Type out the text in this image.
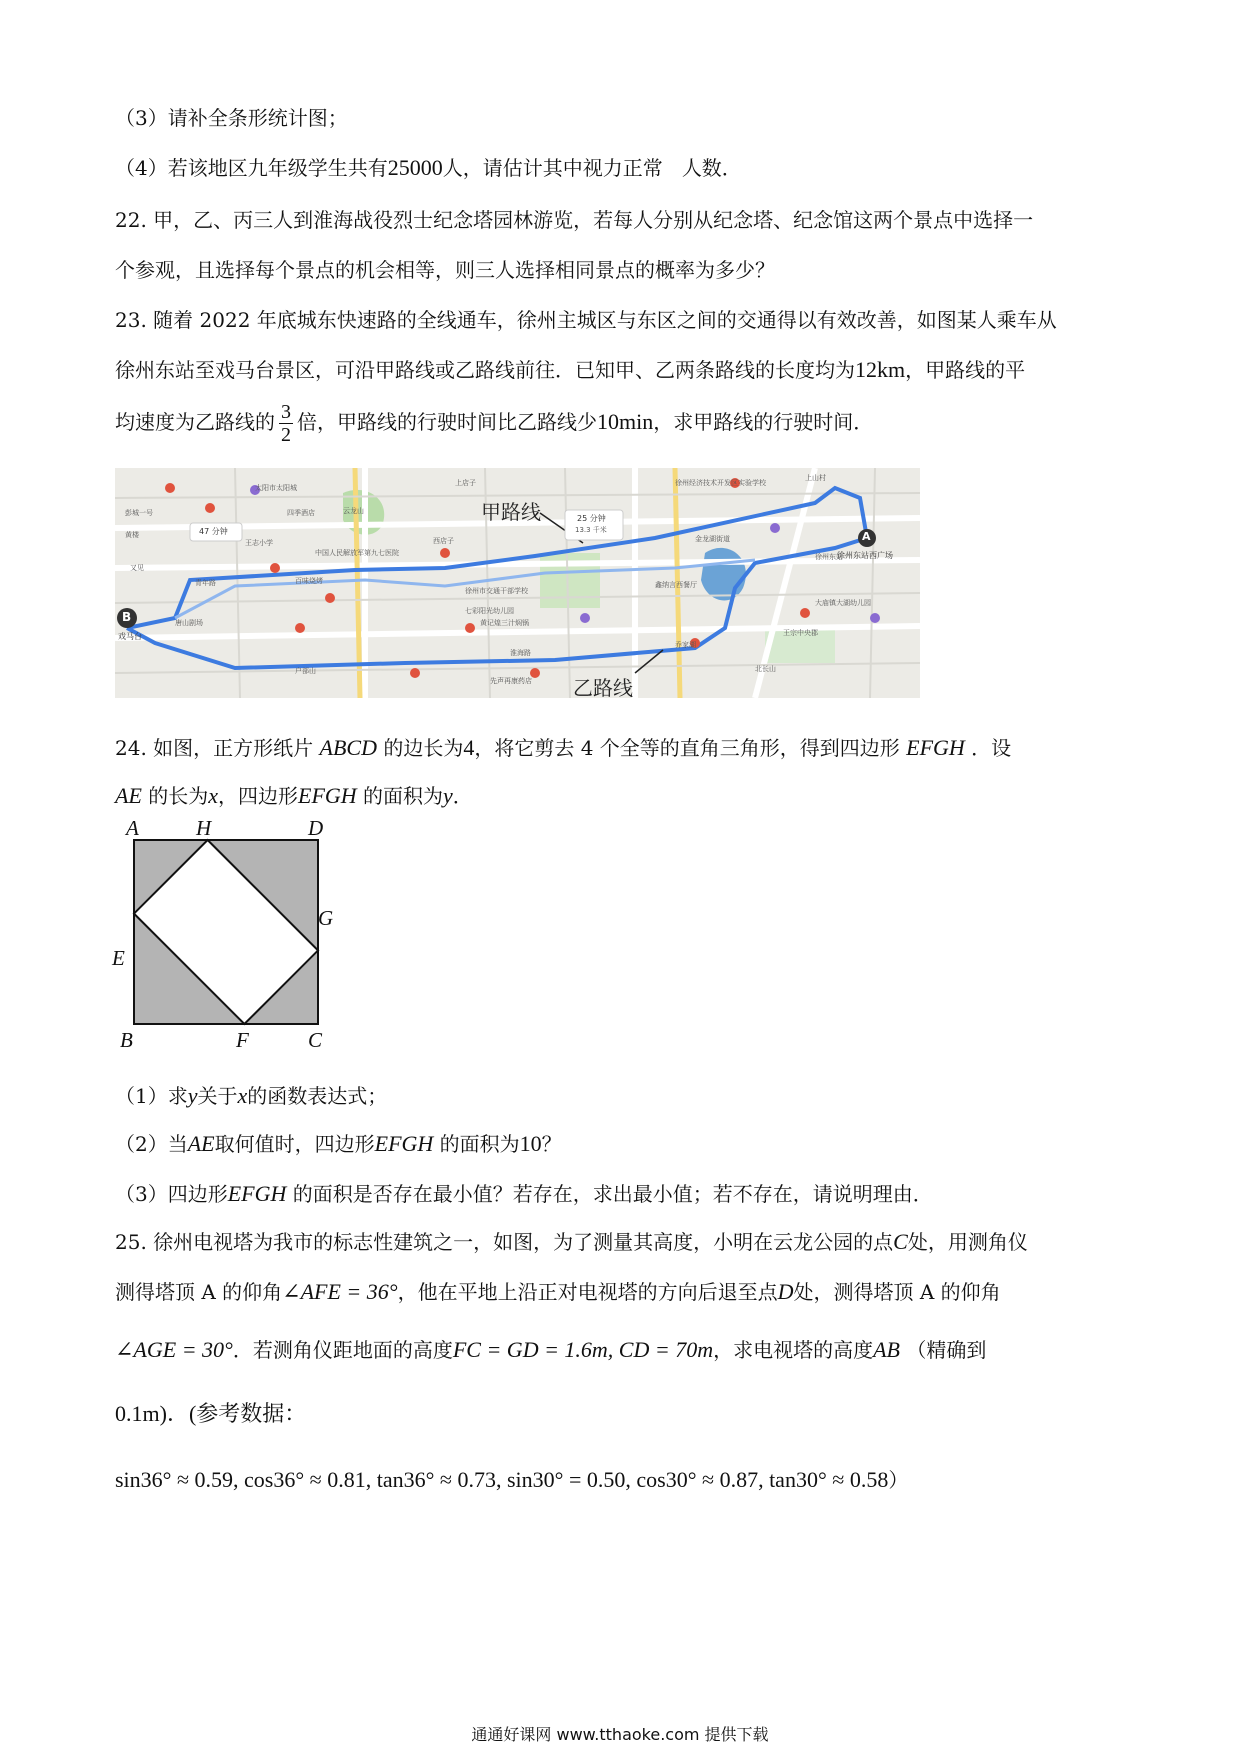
（3）请补全条形统计图；
（4）若该地区九年级学生共有25000人，请估计其中视力正常 人数．
22. 甲，乙、丙三人到淮海战役烈士纪念塔园林游览，若每人分别从纪念塔、纪念馆这两个景点中选择一
个参观，且选择每个景点的机会相等，则三人选择相同景点的概率为多少？
23. 随着 2022 年底城东快速路的全线通车，徐州主城区与东区之间的交通得以有效改善，如图某人乘车从
徐州东站至戏马台景区，可沿甲路线或乙路线前往．已知甲、乙两条路线的长度均为12km，甲路线的平
均速度为乙路线的 $\frac{3}{2}$ 倍，甲路线的行驶时间比乙路线少10min，求甲路线的行驶时间．
甲路线
乙路线
A
B
徐州东站西广场
戏马台
25 分钟
13.3 千米
47 分钟
上店子
西店子	金龙湖街道
乔家湖
北长山
上山村
徐州经济技术开发区实验学校
徐州东站
大庙镇大湖幼儿园
王宗中央郡
中国人民解放军第九七医院
百味烧烤
徐州市交通干部学校
七彩阳光幼儿园
黄记煌三汁焖锅
淮海路
户部山
先声再康药店
青年路
彭城一号
黄楼
又见
唐山剧场
太阳市太阳城
四季酒店
王志小学
鑫纳言西餐厅
云龙山
24. 如图，正方形纸片 ABCD 的边长为4，将它剪去 4 个全等的直角三角形，得到四边形 EFGH ．设
AE 的长为x，四边形EFGH 的面积为y．
A	H	D
G
E
B	F	C
（1）求y关于x的函数表达式；
（2）当AE取何值时，四边形EFGH 的面积为10？
（3）四边形EFGH 的面积是否存在最小值？若存在，求出最小值；若不存在，请说明理由．
25. 徐州电视塔为我市的标志性建筑之一，如图，为了测量其高度，小明在云龙公园的点C处，用测角仪
测得塔顶 A 的仰角∠AFE = 36°，他在平地上沿正对电视塔的方向后退至点D处，测得塔顶 A 的仰角
∠AGE = 30°．若测角仪距地面的高度FC = GD = 1.6m, CD = 70m，求电视塔的高度AB （精确到
0.1m)．(参考数据：
sin36° ≈ 0.59, cos36° ≈ 0.81, tan36° ≈ 0.73, sin30° = 0.50, cos30° ≈ 0.87, tan30° ≈ 0.58）
通通好课网 www.tthaoke.com 提供下载
